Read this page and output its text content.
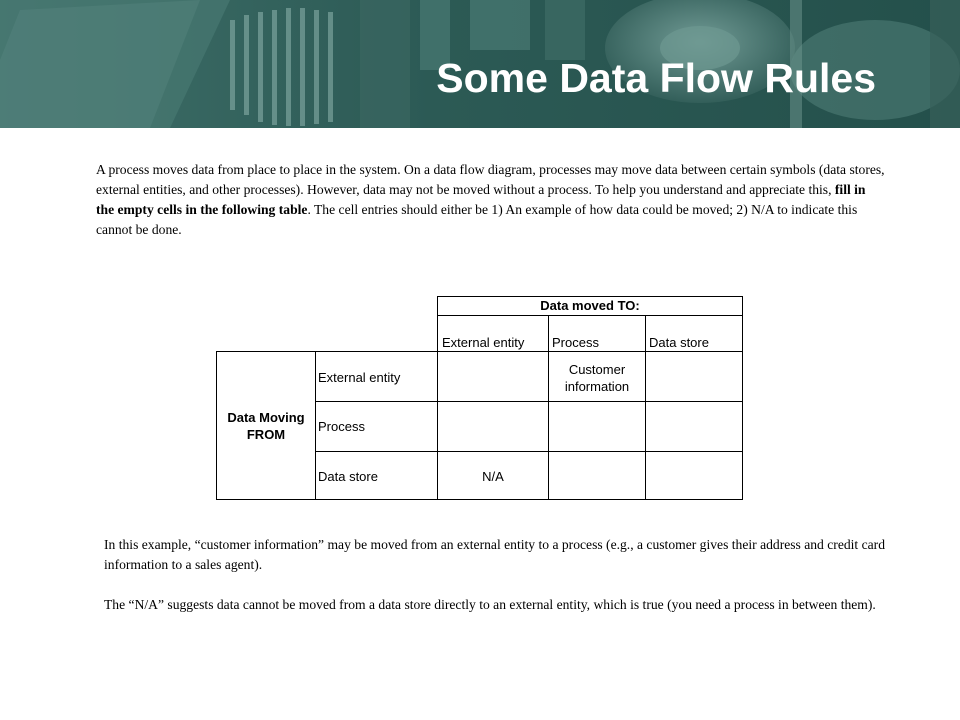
Some Data Flow Rules

A process moves data from place to place in the system. On a data flow diagram, processes may move data between certain symbols (data stores, external entities, and other processes). However, data may not be moved without a process. To help you understand and appreciate this, fill in the empty cells in the following table. The cell entries should either be 1) An example of how data could be moved; 2) N/A to indicate this cannot be done.

Data moved TO:
External entity Process	Data store
Data Moving
FROM
External entity
Process
Data store
Customer
information
N/A

In this example, “customer information” may be moved from an external entity to a process (e.g., a customer gives their address and credit card information to a sales agent).

The “N/A” suggests data cannot be moved from a data store directly to an external entity, which is true (you need a process in between them).
